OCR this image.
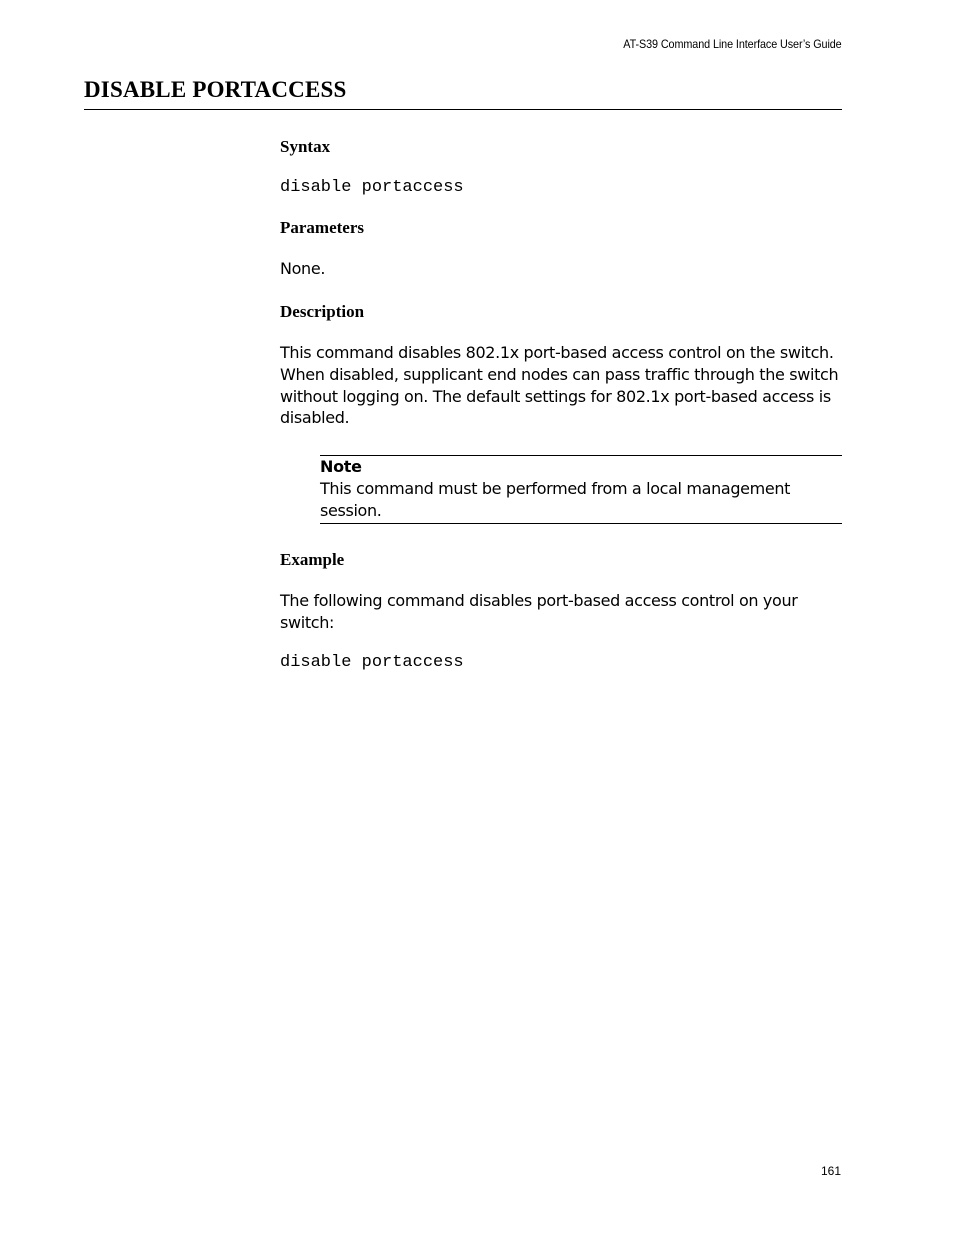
AT-S39 Command Line Interface User’s Guide
DISABLE PORTACCESS
Syntax
disable portaccess
Parameters

None.

Description

This command disables 802.1x port-based access control on the switch. When disabled, supplicant end nodes can pass traffic through the switch without logging on. The default settings for 802.1x port-based access is disabled.

Note

This command must be performed from a local management session.

Example

The following command disables port-based access control on your switch:

disable portaccess
161
